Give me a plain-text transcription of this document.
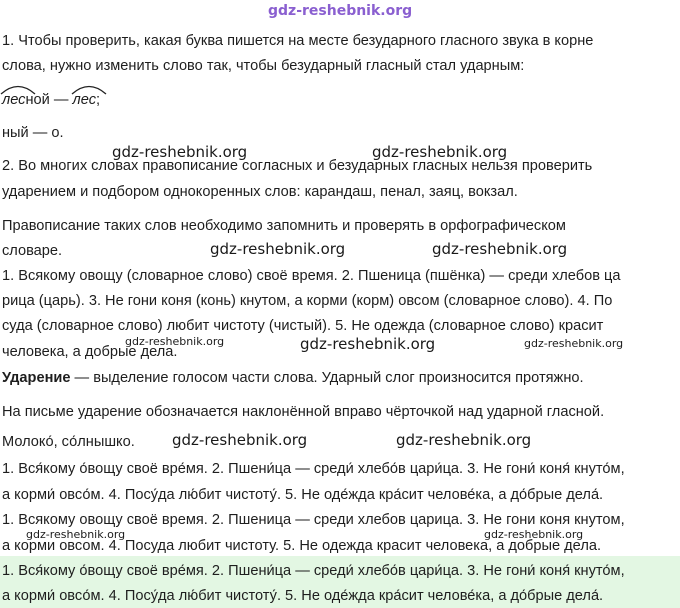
gdz-reshebnik.org
1. Чтобы проверить, какая буква пишется на месте безударного гласного звука в корне
слова, нужно изменить слово так, чтобы безударный гласный стал ударным:
лесной —
лес;
ный — о.
gdz-reshebnik.org	gdz-reshebnik.org
2. Во многих словах правописание согласных и безударных гласных нельзя проверить
ударением и подбором однокоренных слов: карандаш, пенал, заяц, вокзал.
Правописание таких слов необходимо запомнить и проверять в орфографическом
словаре.	gdz-reshebnik.org	gdz-reshebnik.org
1. Всякому овощу (словарное слово) своё время. 2. Пшеница (пшёнка) — среди хлебов ца
рица (царь). 3. Не гони коня (конь) кнутом, а корми (корм) овсом (словарное слово). 4. По
суда (словарное слово) любит чистоту (чистый). 5. Не одежда (словарное слово) красит
gdz-reshebnik.org	gdz-reshebnik.org	gdz-reshebnik.org
человека, а добрые дела.
Ударение — выделение голосом части слова. Ударный слог произносится протяжно.
На письме ударение обозначается наклонённой вправо чёрточкой над ударной гласной.
Молоко́, со́лнышко. gdz-reshebnik.org	gdz-reshebnik.org
1. Вся́кому о́вощу своё вре́мя. 2. Пшени́ца — среди́ хлебо́в цари́ца. 3. Не гони́ коня́ кнуто́м,
а корми́ овсо́м. 4. Посу́да лю́бит чистоту́. 5. Не оде́жда кра́сит челове́ка, а до́брые дела́.
1. Всякому овощу своё время. 2. Пшеница — среди хлебов царица. 3. Не гони коня кнутом,
gdz-reshebnik.org	gdz-reshebnik.org
а корми овсом. 4. Посуда любит чистоту. 5. Не одежда красит человека, а добрые дела.
1. Вся́кому о́вощу своё вре́мя. 2. Пшени́ца — среди́ хлебо́в цари́ца. 3. Не гони́ коня́ кнуто́м,
а корми́ овсо́м. 4. Посу́да лю́бит чистоту́. 5. Не оде́жда кра́сит челове́ка, а до́брые дела́.
